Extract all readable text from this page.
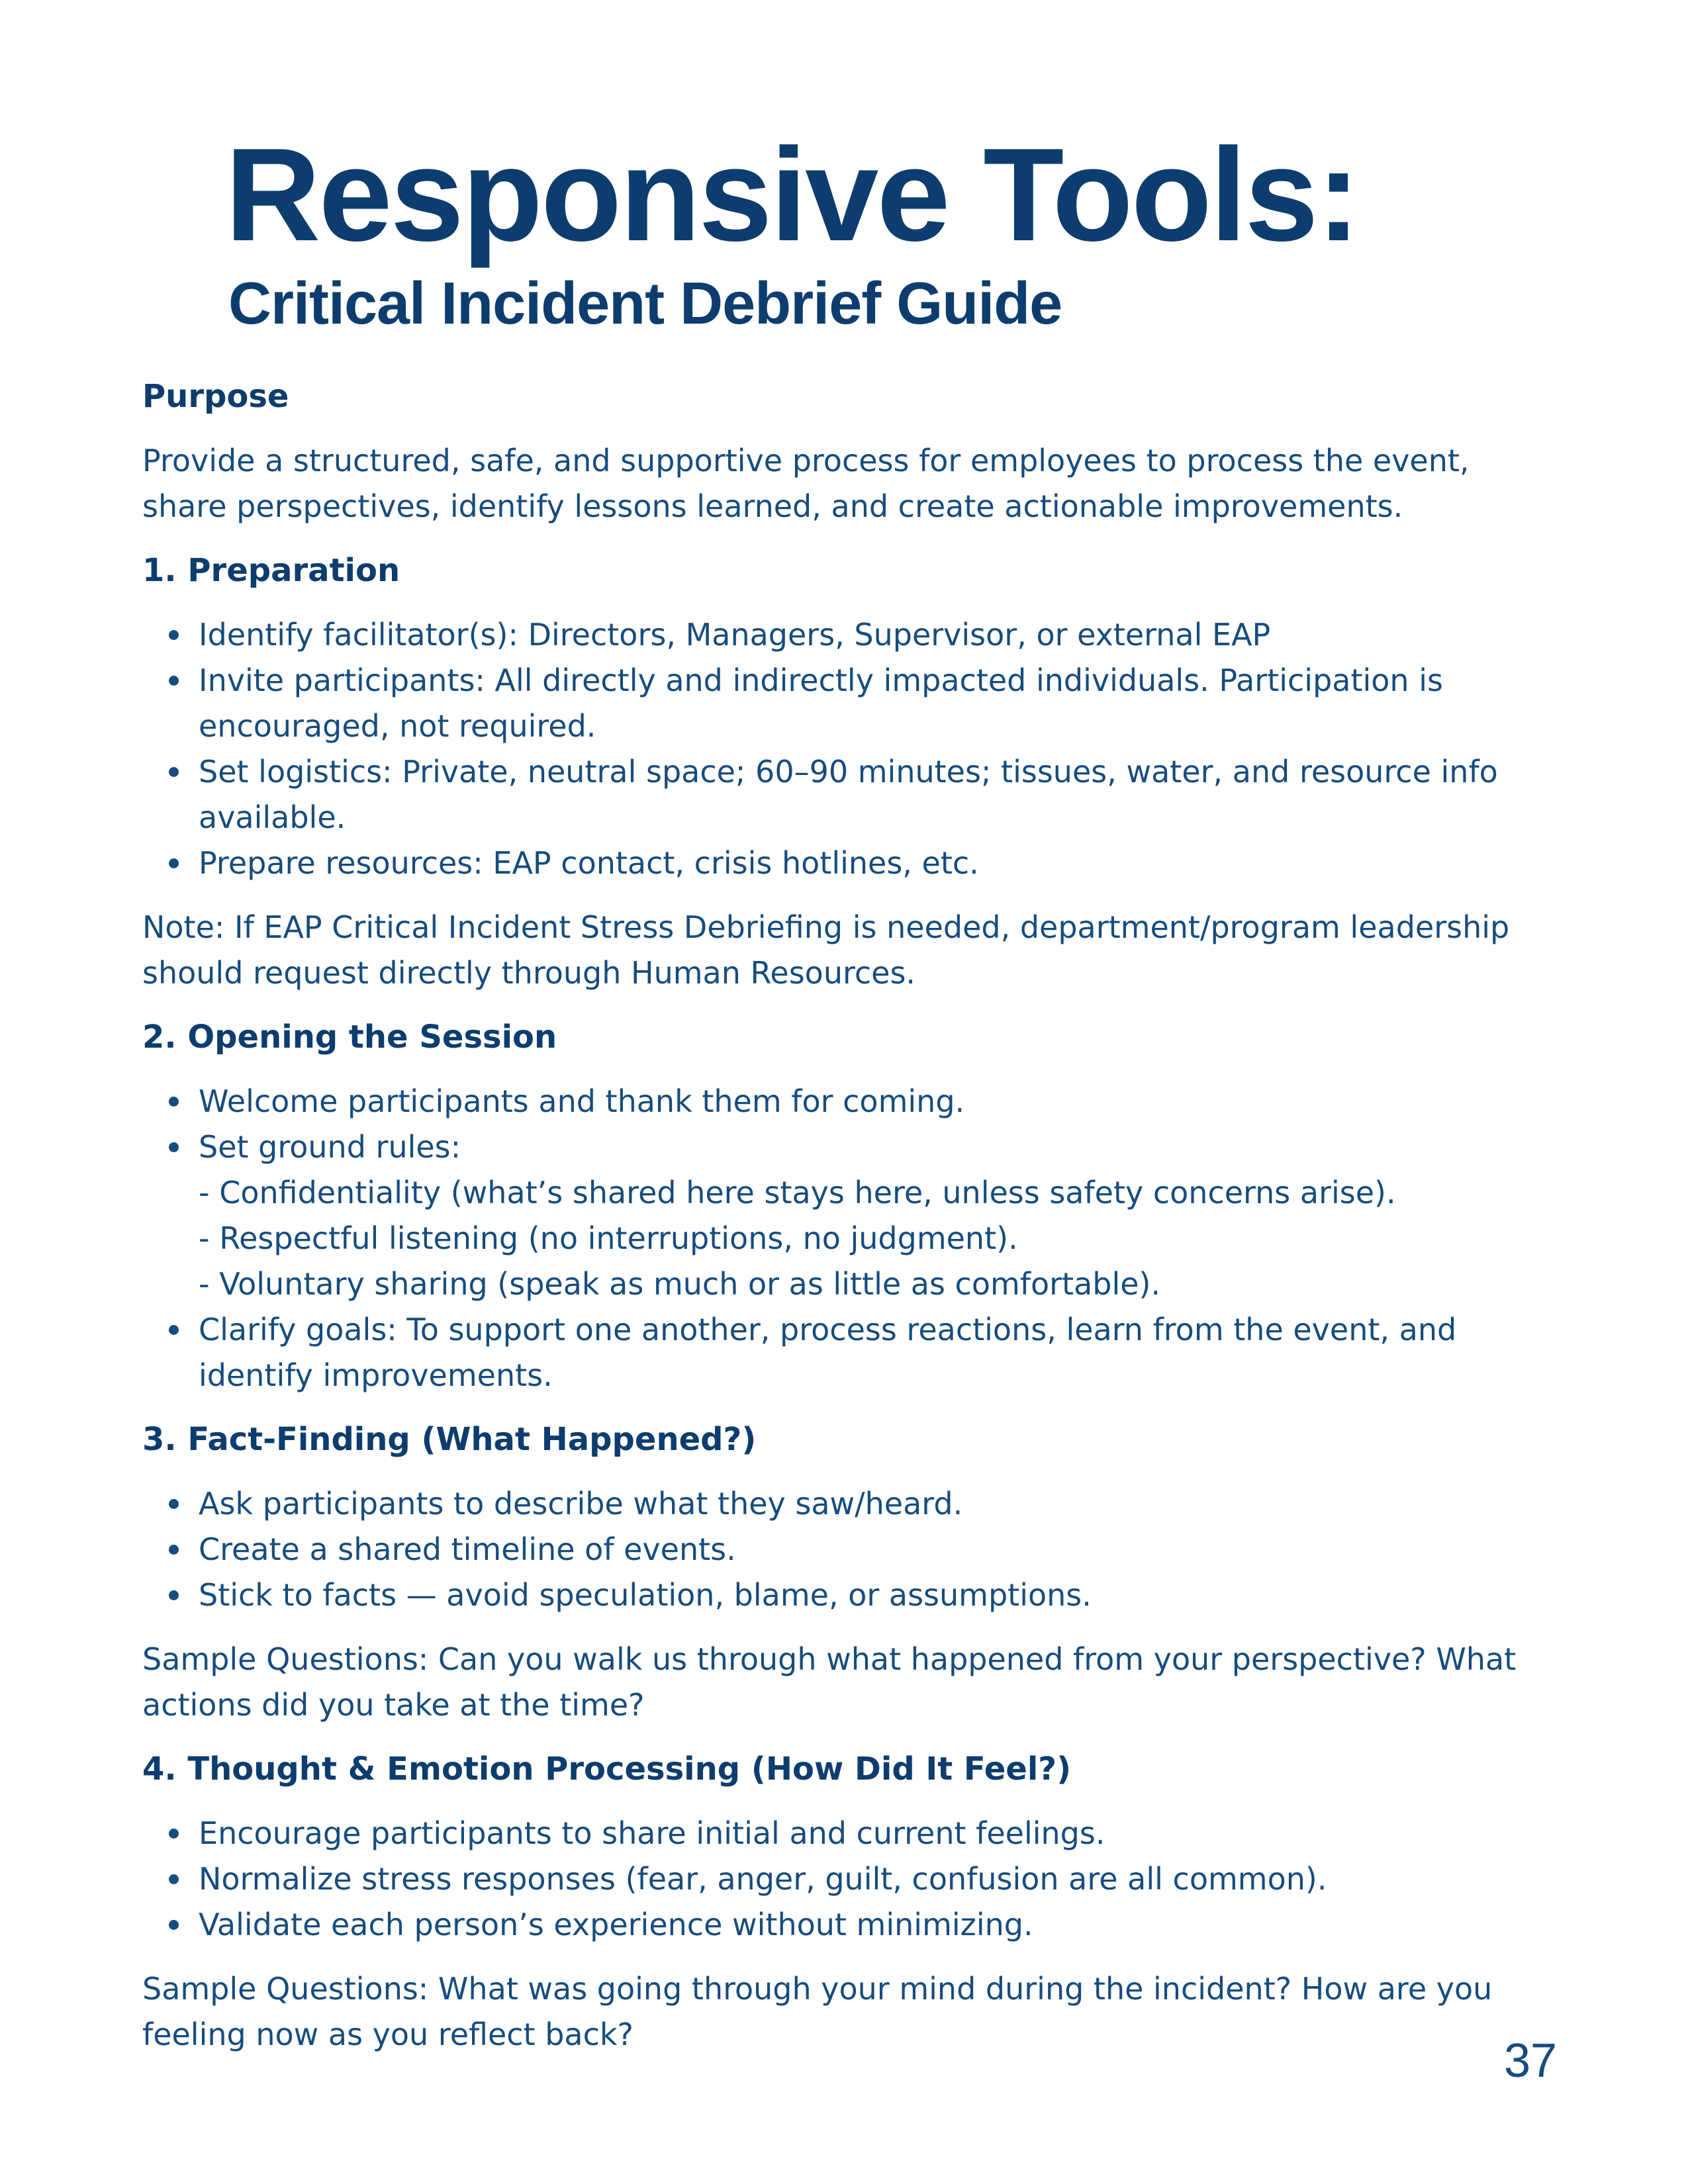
Responsive Tools:
Critical Incident Debrief Guide
Purpose

Provide a structured, safe, and supportive process for employees to process the event, share perspectives, identify lessons learned, and create actionable improvements.

1. Preparation
Identify facilitator(s): Directors, Managers, Supervisor, or external EAP
Invite participants: All directly and indirectly impacted individuals. Participation is encouraged, not required.
Set logistics: Private, neutral space; 60–90 minutes; tissues, water, and resource info available.
Prepare resources: EAP contact, crisis hotlines, etc.

Note: If EAP Critical Incident Stress Debriefing is needed, department/program leadership should request directly through Human Resources.

2. Opening the Session
Welcome participants and thank them for coming.
Set ground rules:
- Confidentiality (what’s shared here stays here, unless safety concerns arise).
- Respectful listening (no interruptions, no judgment).
- Voluntary sharing (speak as much or as little as comfortable).
Clarify goals: To support one another, process reactions, learn from the event, and identify improvements.
3. Fact-Finding (What Happened?)
Ask participants to describe what they saw/heard.
Create a shared timeline of events.
Stick to facts — avoid speculation, blame, or assumptions.

Sample Questions: Can you walk us through what happened from your perspective? What actions did you take at the time?

4. Thought & Emotion Processing (How Did It Feel?)
Encourage participants to share initial and current feelings.
Normalize stress responses (fear, anger, guilt, confusion are all common).
Validate each person’s experience without minimizing.

Sample Questions: What was going through your mind during the incident? How are you feeling now as you reflect back?	37
